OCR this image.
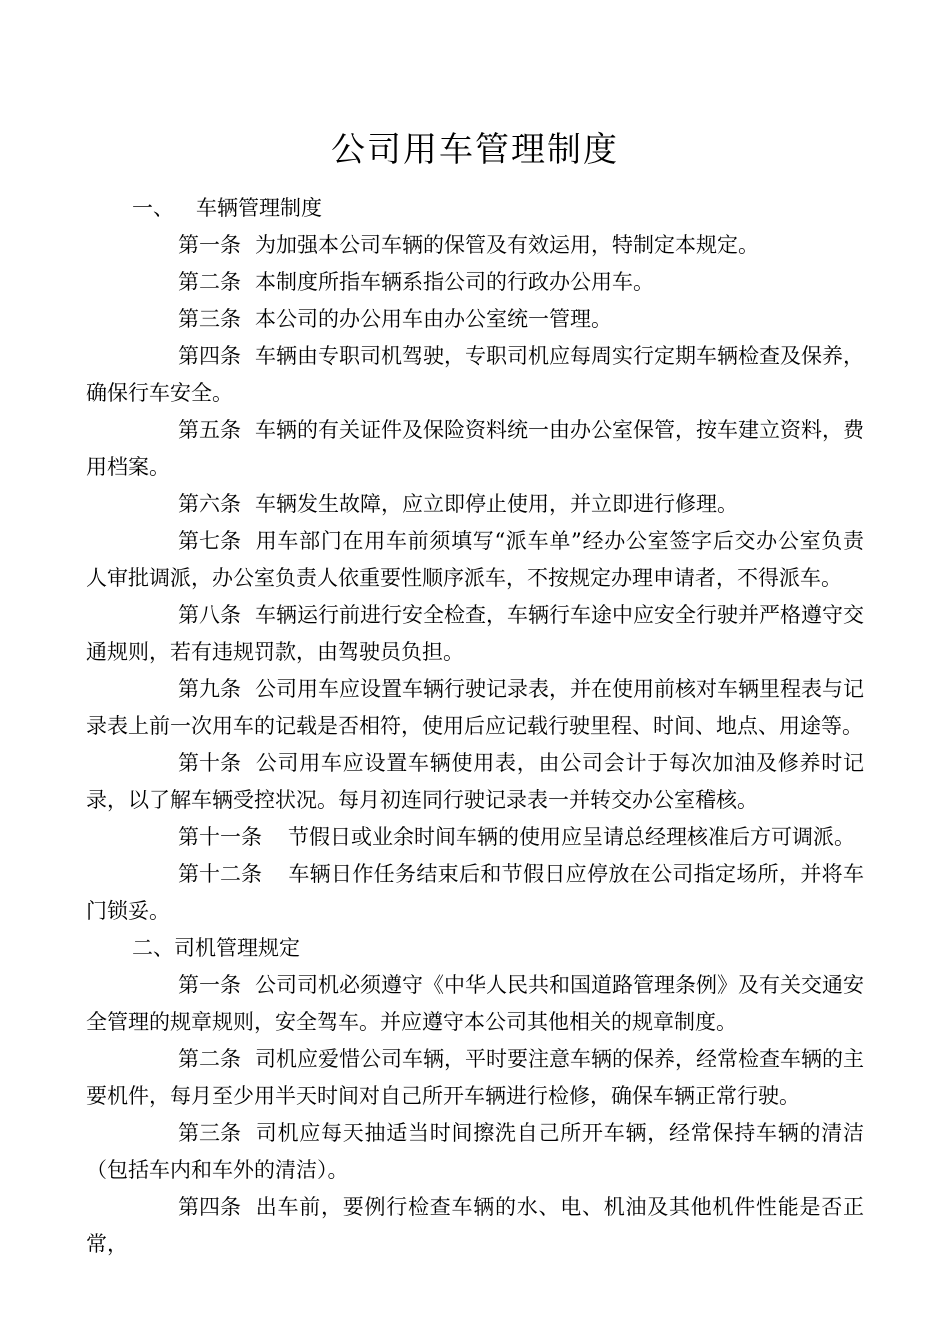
公司用车管理制度

一、 车辆管理制度

第一条 为加强本公司车辆的保管及有效运用，特制定本规定。

第二条 本制度所指车辆系指公司的行政办公用车。

第三条 本公司的办公用车由办公室统一管理。

第四条 车辆由专职司机驾驶，专职司机应每周实行定期车辆检查及保养，确保行车安全。

第五条 车辆的有关证件及保险资料统一由办公室保管，按车建立资料，费用档案。

第六条 车辆发生故障，应立即停止使用，并立即进行修理。

第七条 用车部门在用车前须填写“派车单”经办公室签字后交办公室负责人审批调派，办公室负责人依重要性顺序派车，不按规定办理申请者，不得派车。

第八条 车辆运行前进行安全检查，车辆行车途中应安全行驶并严格遵守交通规则，若有违规罚款，由驾驶员负担。

第九条 公司用车应设置车辆行驶记录表，并在使用前核对车辆里程表与记录表上前一次用车的记载是否相符，使用后应记载行驶里程、时间、地点、用途等。

第十条 公司用车应设置车辆使用表，由公司会计于每次加油及修养时记录，以了解车辆受控状况。每月初连同行驶记录表一并转交办公室稽核。

第十一条 节假日或业余时间车辆的使用应呈请总经理核准后方可调派。

第十二条 车辆日作任务结束后和节假日应停放在公司指定场所，并将车门锁妥。

二、司机管理规定

第一条 公司司机必须遵守《中华人民共和国道路管理条例》及有关交通安全管理的规章规则，安全驾车。并应遵守本公司其他相关的规章制度。

第二条 司机应爱惜公司车辆，平时要注意车辆的保养，经常检查车辆的主要机件，每月至少用半天时间对自己所开车辆进行检修，确保车辆正常行驶。

第三条 司机应每天抽适当时间擦洗自己所开车辆，经常保持车辆的清洁（包括车内和车外的清洁）。

第四条 出车前，要例行检查车辆的水、电、机油及其他机件性能是否正常，
